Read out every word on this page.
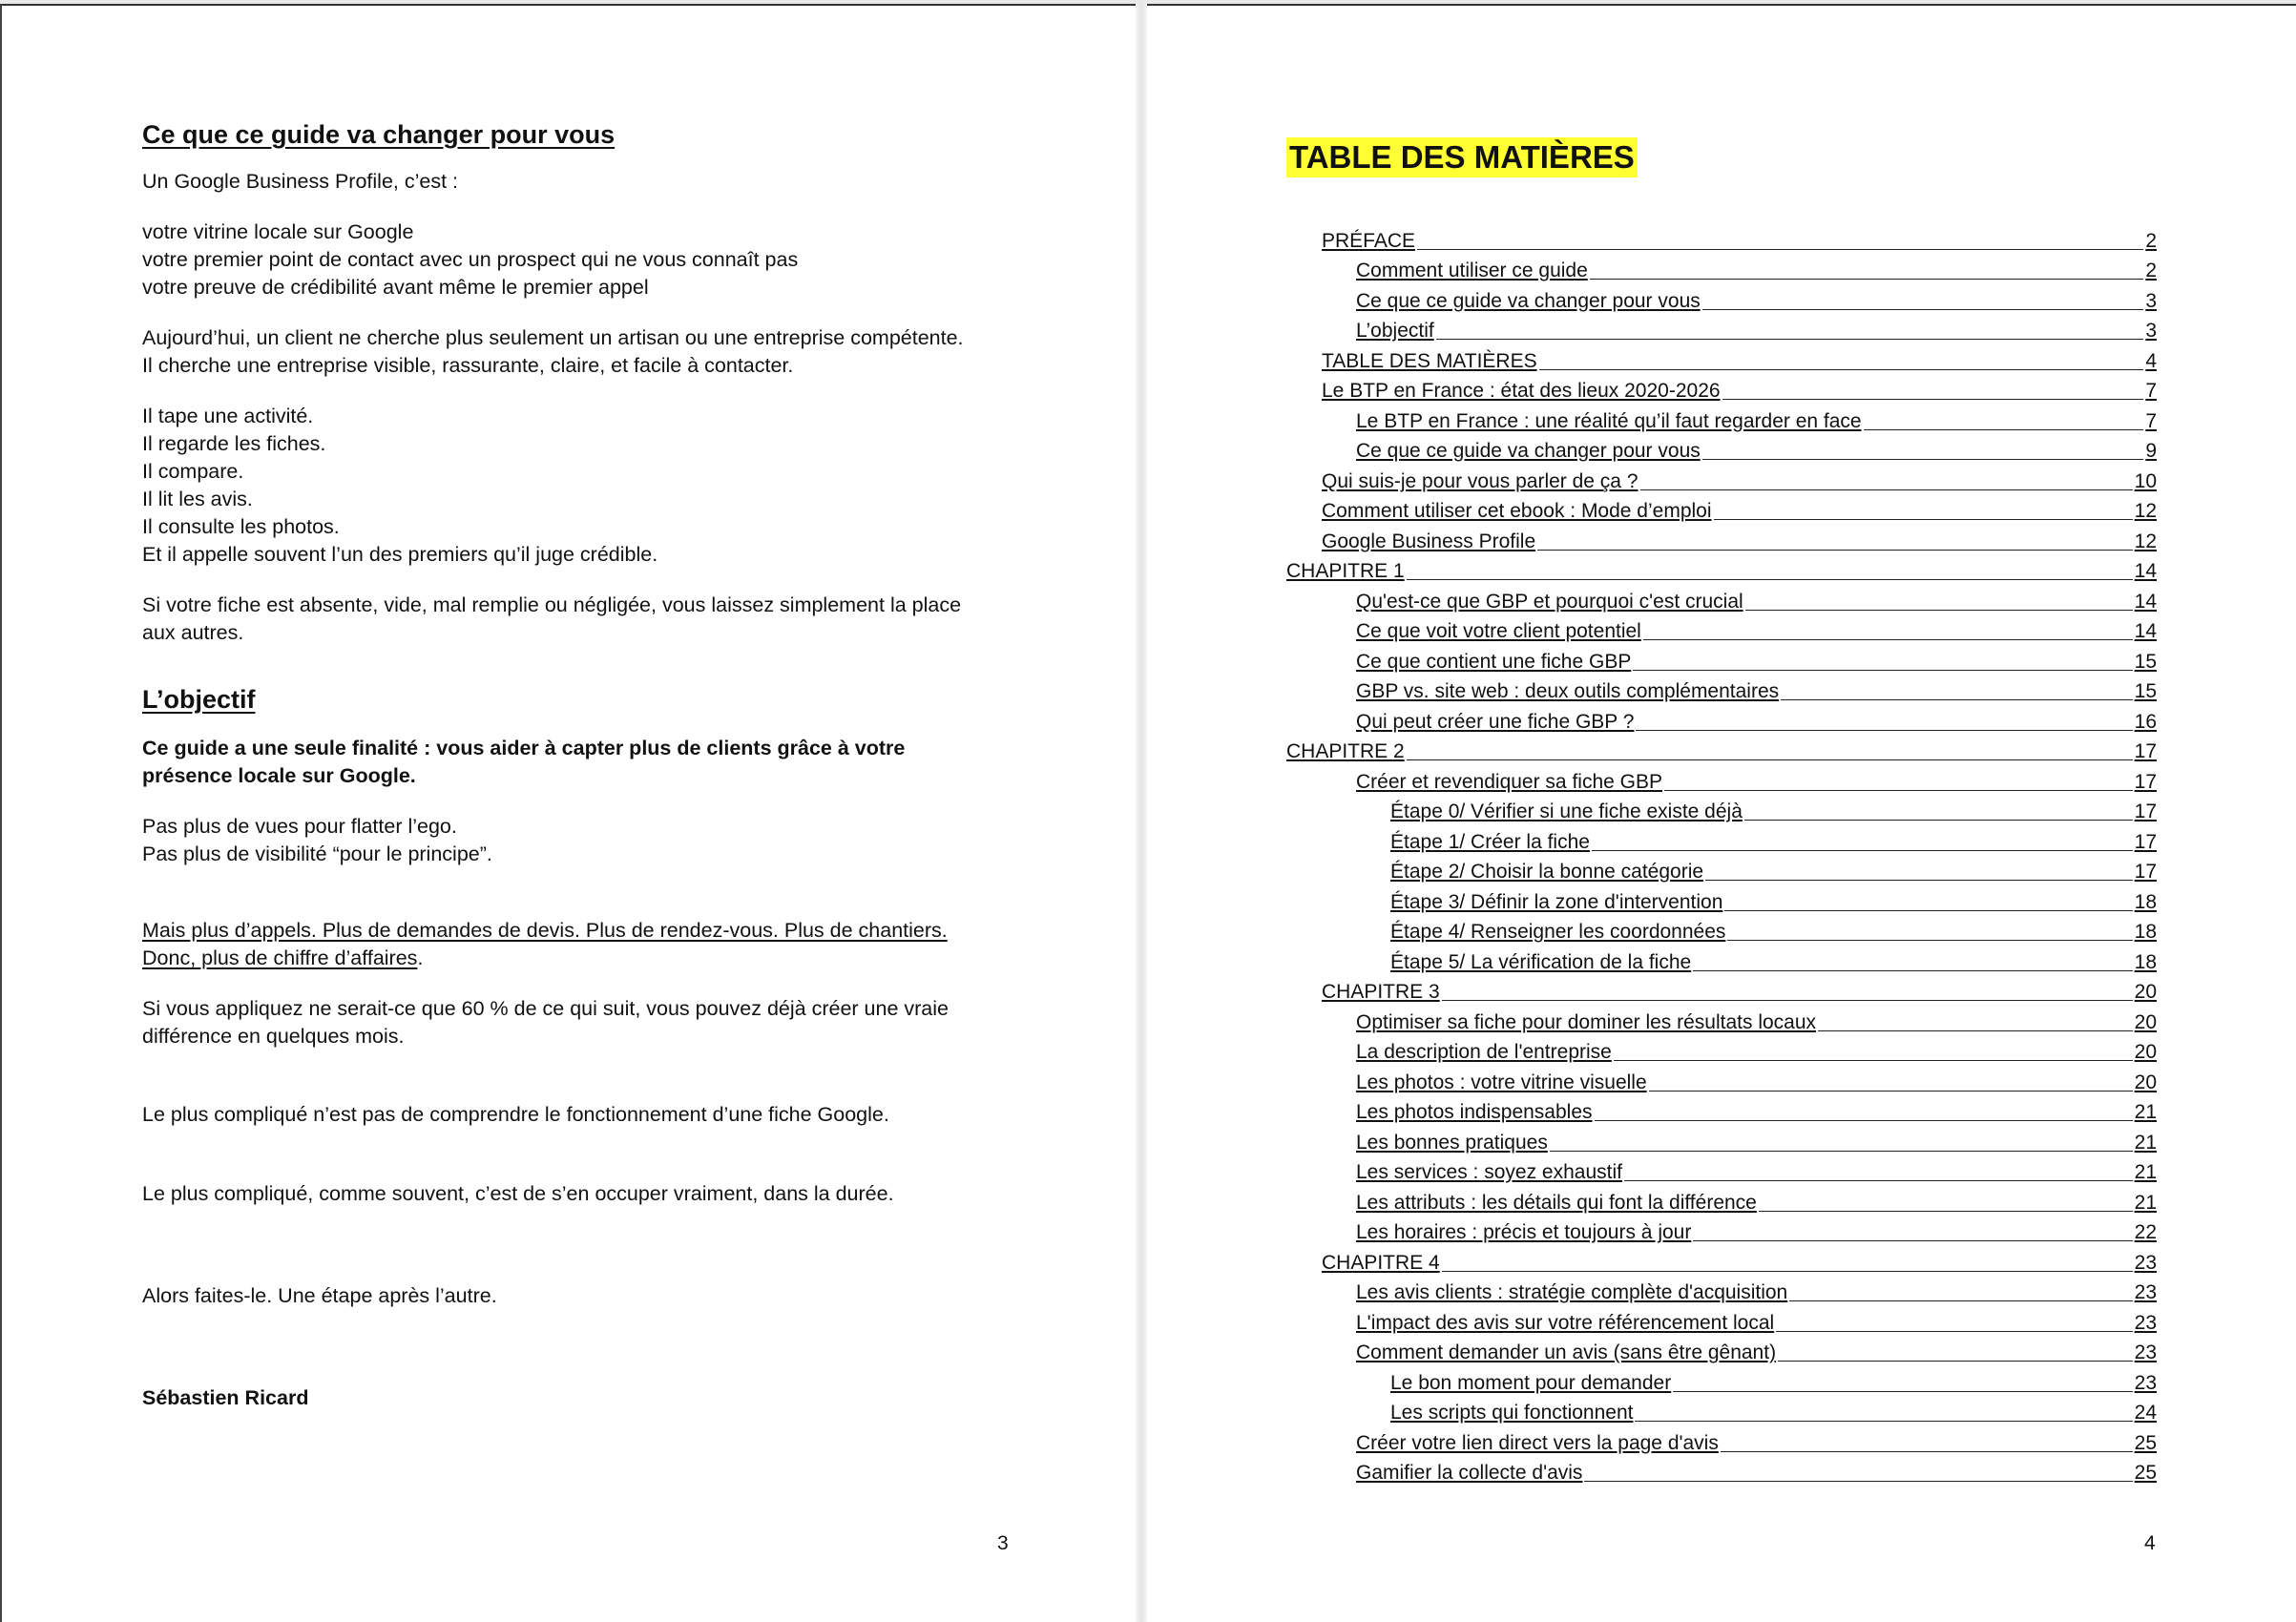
Ce que ce guide va changer pour vous

Un Google Business Profile, c’est :

votre vitrine locale sur Google

votre premier point de contact avec un prospect qui ne vous connaît pas

votre preuve de crédibilité avant même le premier appel

Aujourd’hui, un client ne cherche plus seulement un artisan ou une entreprise compétente.

Il cherche une entreprise visible, rassurante, claire, et facile à contacter.

Il tape une activité.

Il regarde les fiches.

Il compare.

Il lit les avis.

Il consulte les photos.

Et il appelle souvent l’un des premiers qu’il juge crédible.

Si votre fiche est absente, vide, mal remplie ou négligée, vous laissez simplement la place

aux autres.

L’objectif

Ce guide a une seule finalité : vous aider à capter plus de clients grâce à votre

présence locale sur Google.

Pas plus de vues pour flatter l’ego.

Pas plus de visibilité “pour le principe”.

Mais plus d’appels. Plus de demandes de devis. Plus de rendez-vous. Plus de chantiers.

Donc, plus de chiffre d’affaires.

Si vous appliquez ne serait-ce que 60 % de ce qui suit, vous pouvez déjà créer une vraie

différence en quelques mois.

Le plus compliqué n’est pas de comprendre le fonctionnement d’une fiche Google.

Le plus compliqué, comme souvent, c’est de s’en occuper vraiment, dans la durée.

Alors faites-le. Une étape après l’autre.

Sébastien Ricard

3
TABLE DES MATIÈRES
PRÉFACE	2
Comment utiliser ce guide	2
Ce que ce guide va changer pour vous	3
L’objectif	3
TABLE DES MATIÈRES	4
Le BTP en France : état des lieux 2020-2026	7
Le BTP en France : une réalité qu’il faut regarder en face	7
Ce que ce guide va changer pour vous	9
Qui suis-je pour vous parler de ça ?	10
Comment utiliser cet ebook : Mode d’emploi	12
Google Business Profile	12
CHAPITRE 1	14
Qu'est-ce que GBP et pourquoi c'est crucial	14
Ce que voit votre client potentiel	14
Ce que contient une fiche GBP	15
GBP vs. site web : deux outils complémentaires	15
Qui peut créer une fiche GBP ?	16
CHAPITRE 2	17
Créer et revendiquer sa fiche GBP	17
Étape 0/ Vérifier si une fiche existe déjà	17
Étape 1/ Créer la fiche	17
Étape 2/ Choisir la bonne catégorie	17
Étape 3/ Définir la zone d'intervention	18
Étape 4/ Renseigner les coordonnées	18
Étape 5/ La vérification de la fiche	18
CHAPITRE 3	20
Optimiser sa fiche pour dominer les résultats locaux	20
La description de l'entreprise	20
Les photos : votre vitrine visuelle	20
Les photos indispensables	21
Les bonnes pratiques	21
Les services : soyez exhaustif	21
Les attributs : les détails qui font la différence	21
Les horaires : précis et toujours à jour	22
CHAPITRE 4	23
Les avis clients : stratégie complète d'acquisition	23
L'impact des avis sur votre référencement local	23
Comment demander un avis (sans être gênant)	23
Le bon moment pour demander	23
Les scripts qui fonctionnent	24
Créer votre lien direct vers la page d'avis	25
Gamifier la collecte d'avis	25
4
